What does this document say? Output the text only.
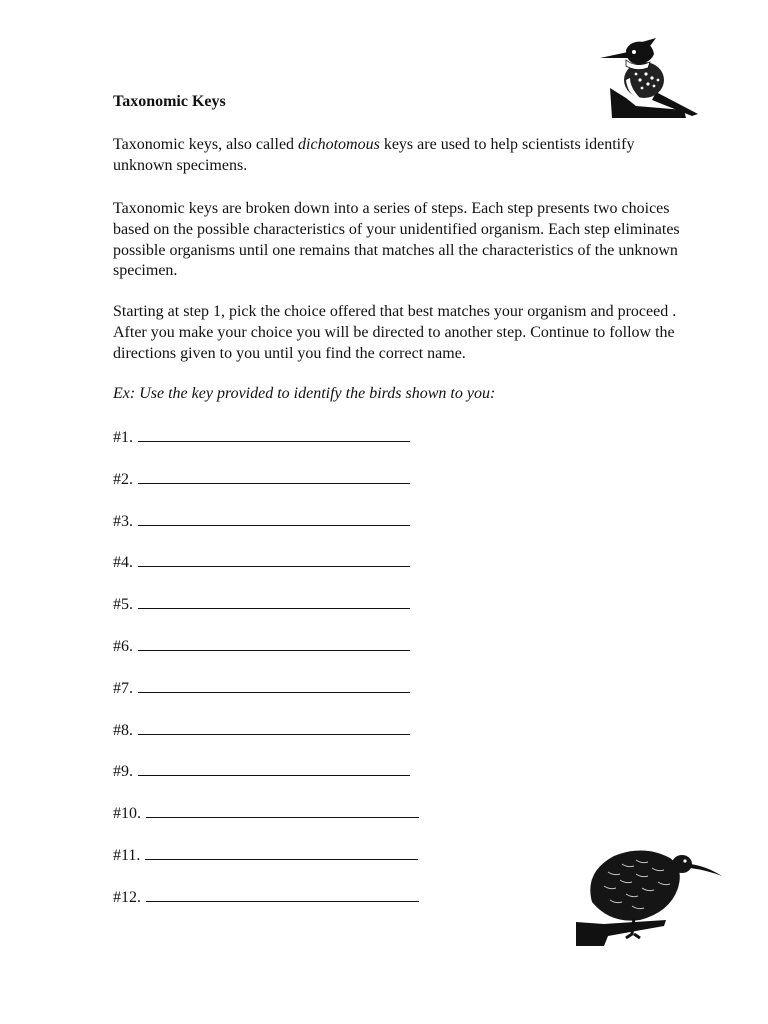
Taxonomic Keys

Taxonomic keys, also called dichotomous keys are used to help scientists identify unknown specimens.

Taxonomic keys are broken down into a series of steps. Each step presents two choices based on the possible characteristics of your unidentified organism. Each step eliminates possible organisms until one remains that matches all the characteristics of the unknown specimen.

Starting at step 1, pick the choice offered that best matches your organism and proceed . After you make your choice you will be directed to another step. Continue to follow the directions given to you until you find the correct name.

Ex: Use the key provided to identify the birds shown to you:

#1.
#2.
#3.
#4.
#5.
#6.
#7.
#8.
#9.
#10.
#11.
#12.
